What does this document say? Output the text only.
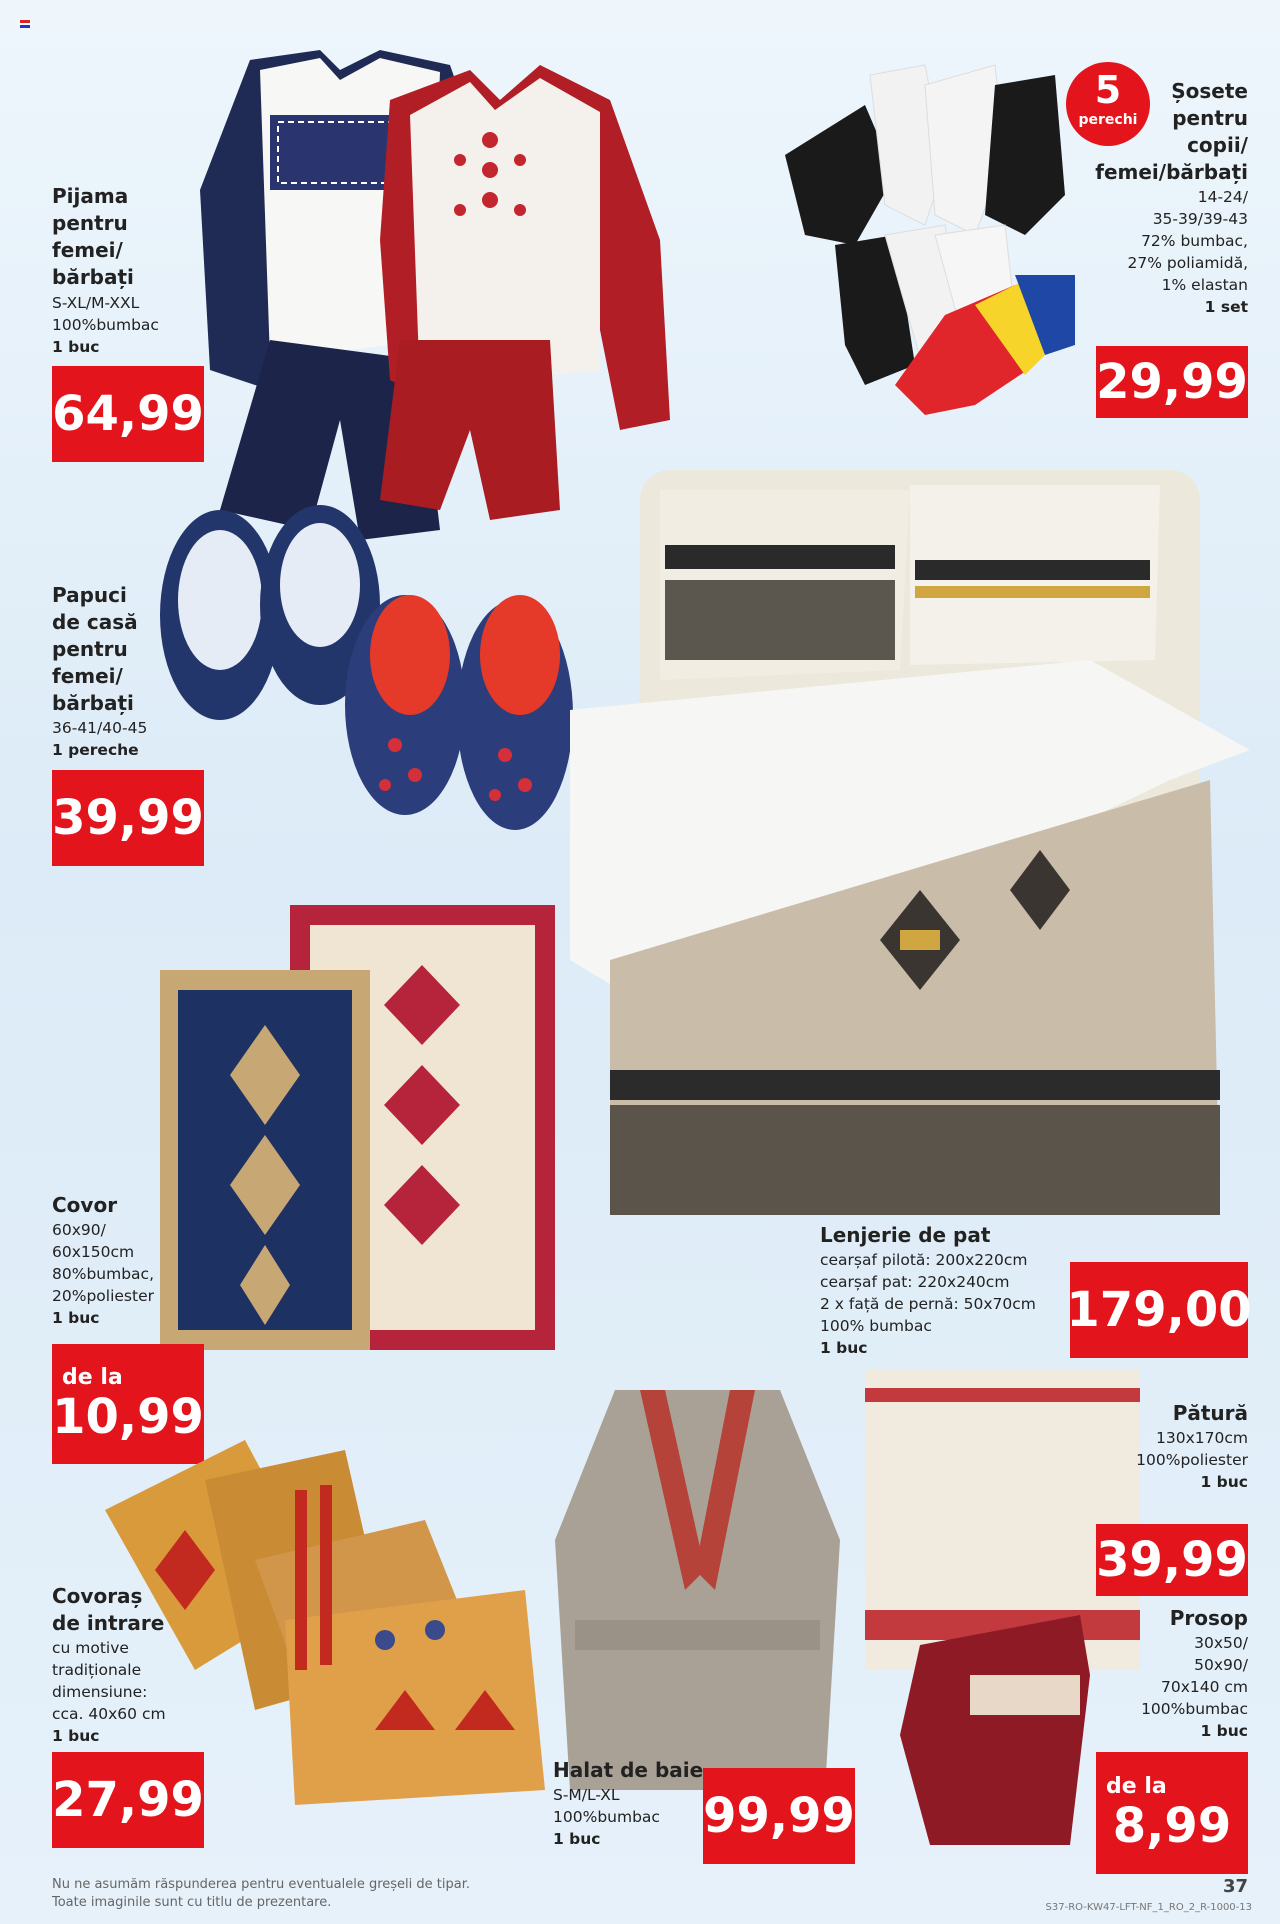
Pijama
pentru
femei/
bărbați
S-XL/M-XXL
100%bumbac
1 buc
64,99
5
perechi
Șosete
pentru
copii/
femei/bărbați
14-24/
35-39/39-43
72% bumbac,
27% poliamidă,
1% elastan
1 set
29,99
Papuci
de casă
pentru
femei/
bărbați
36-41/40-45
1 pereche
39,99
Lenjerie de pat
cearșaf pilotă: 200x220cm
cearșaf pat: 220x240cm
2 x față de pernă: 50x70cm
100% bumbac
1 buc
179,00
Covor
60x90/
60x150cm
80%bumbac,
20%poliester
1 buc
de la
10,99	Pătură
130x170cm
100%poliester
1 buc
39,99
Prosop
30x50/
50x90/
70x140 cm
100%bumbac
1 buc
de la
8,99
Covoraș
de intrare
cu motive
tradiționale
dimensiune:
cca. 40x60 cm
1 buc
27,99
Halat de baie
S-M/L-XL
100%bumbac
1 buc	99,99
Nu ne asumăm răspunderea pentru eventualele greșeli de tipar.
Toate imaginile sunt cu titlu de prezentare.
37
S37-RO-KW47-LFT-NF_1_RO_2_R-1000-13
